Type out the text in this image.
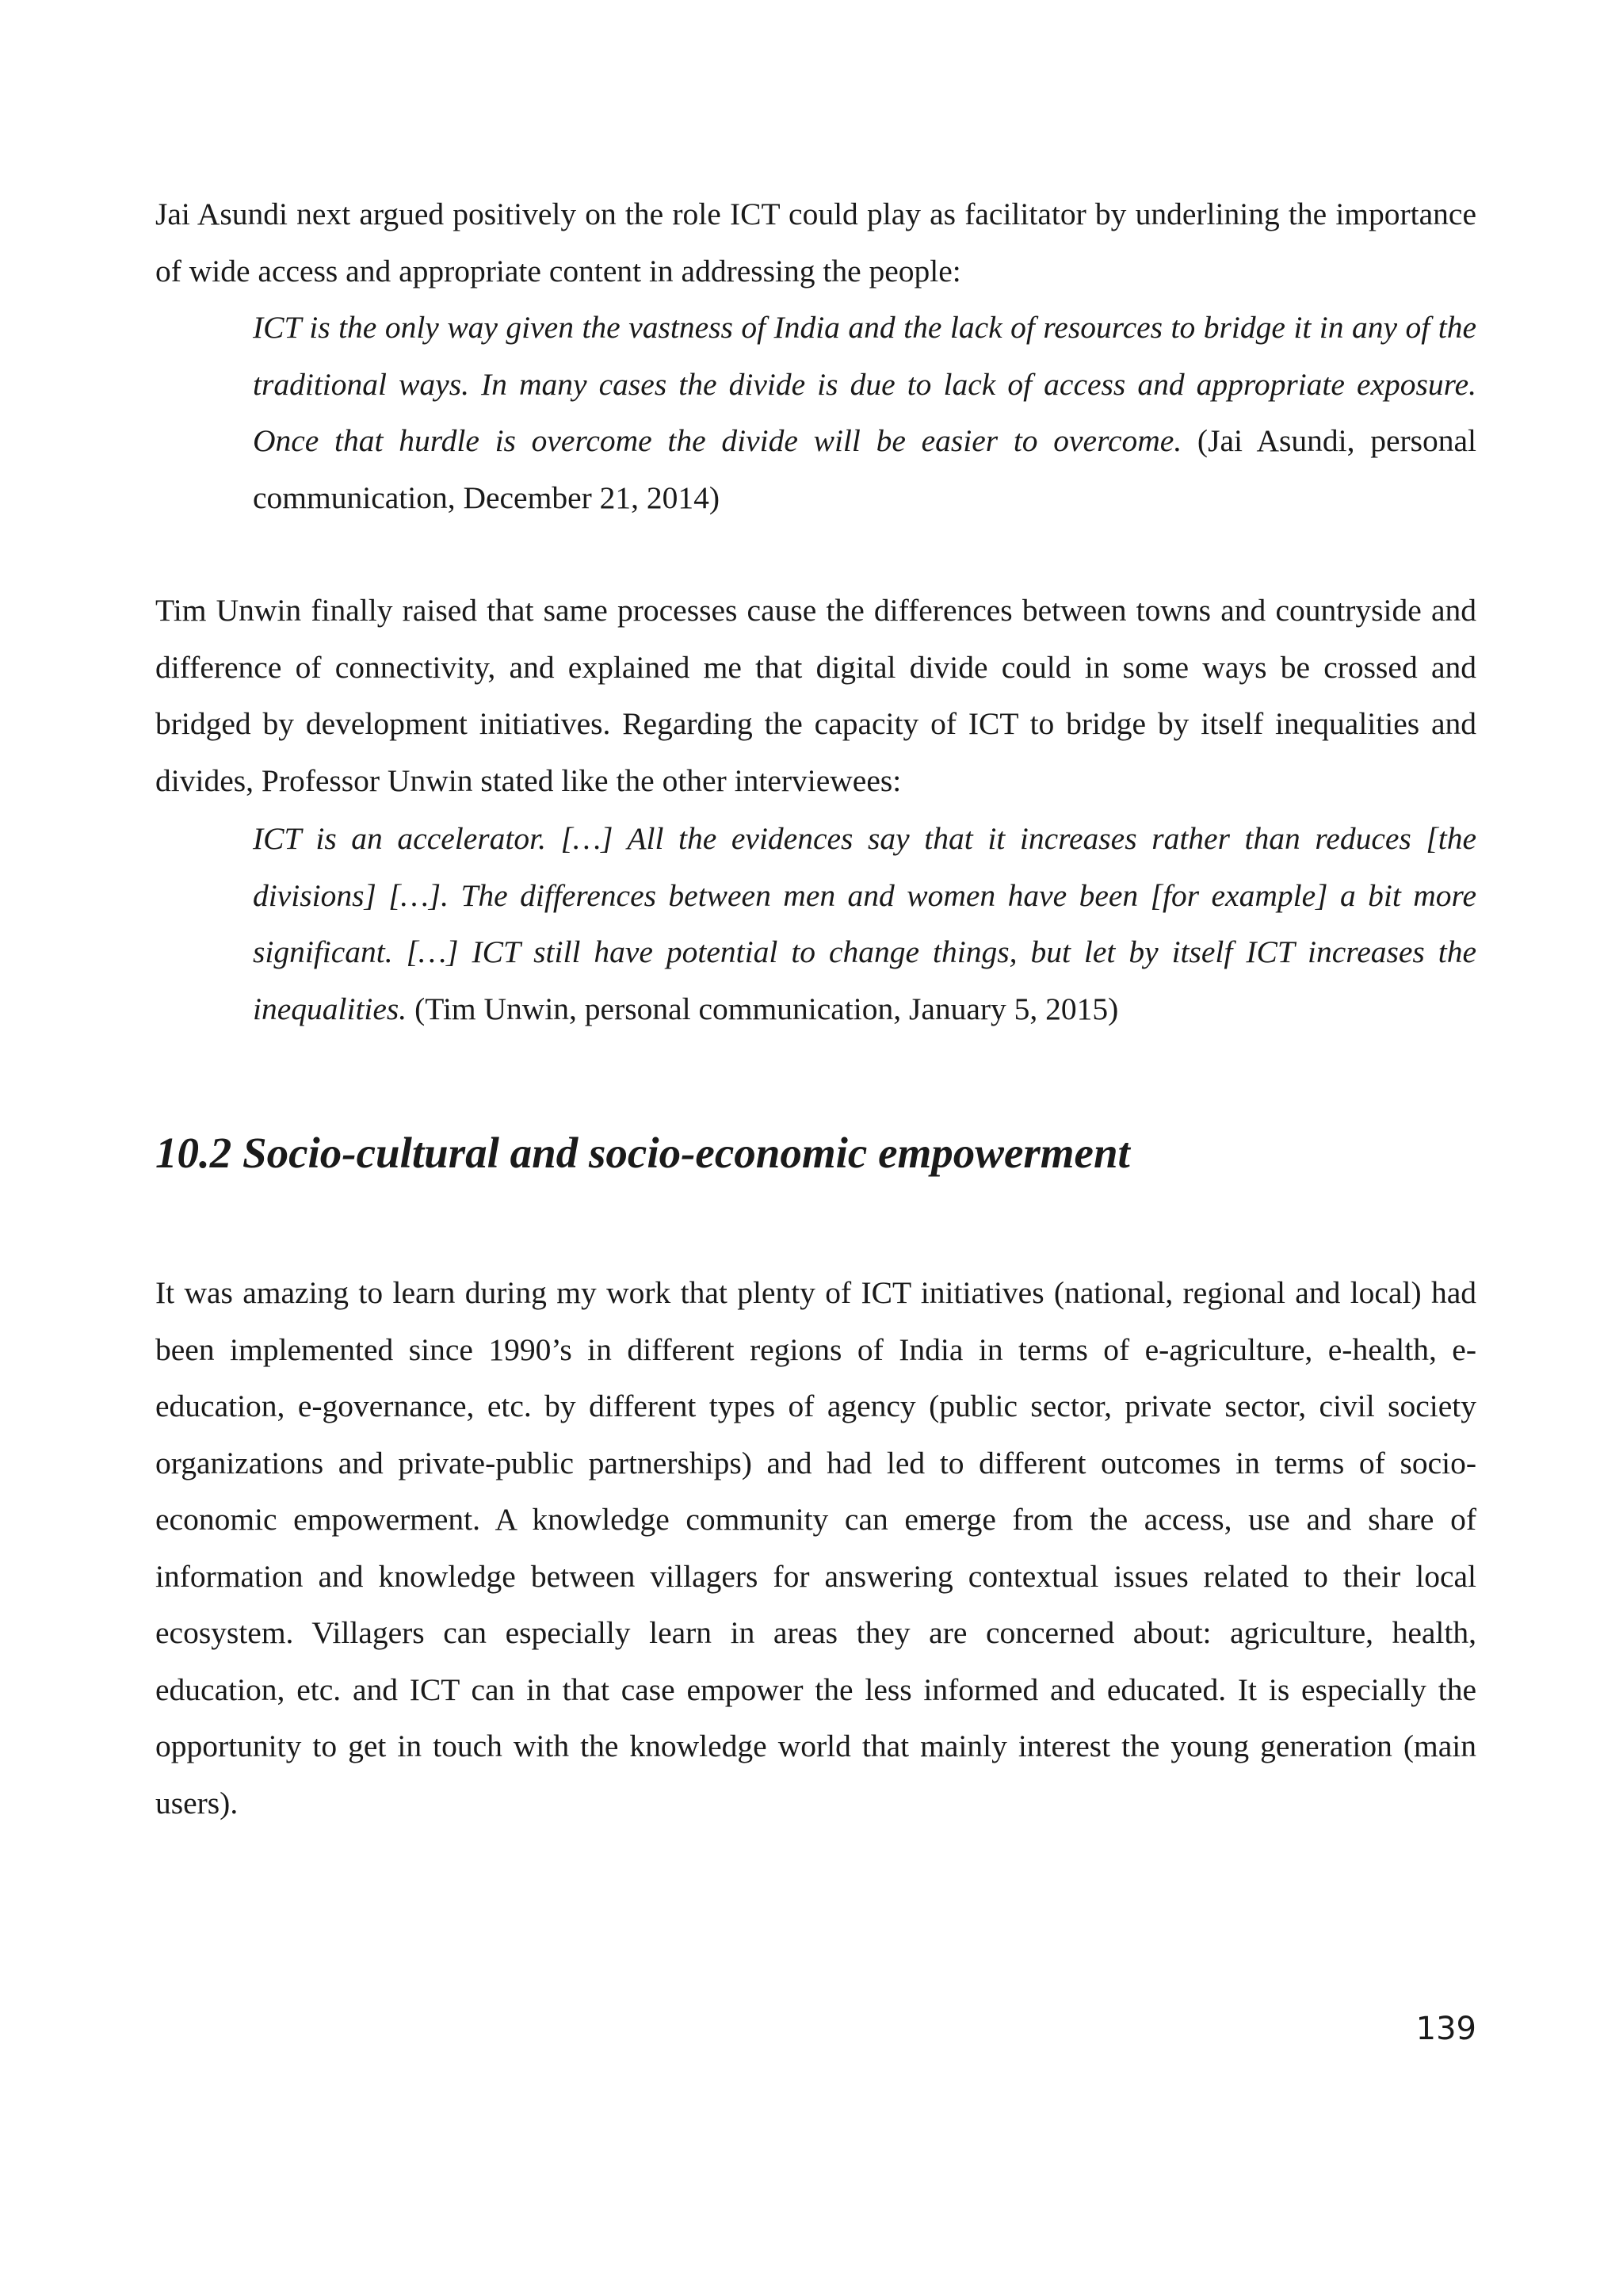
Jai Asundi next argued positively on the role ICT could play as facilitator by underlining the importance of wide access and appropriate content in addressing the people:

ICT is the only way given the vastness of India and the lack of resources to bridge it in any of the traditional ways. In many cases the divide is due to lack of access and appropriate exposure. Once that hurdle is overcome the divide will be easier to overcome. (Jai Asundi, personal communication, December 21, 2014)

Tim Unwin finally raised that same processes cause the differences between towns and countryside and difference of connectivity, and explained me that digital divide could in some ways be crossed and bridged by development initiatives. Regarding the capacity of ICT to bridge by itself inequalities and divides, Professor Unwin stated like the other interviewees:

ICT is an accelerator. […] All the evidences say that it increases rather than reduces [the divisions] […]. The differences between men and women have been [for example] a bit more significant. […] ICT still have potential to change things, but let by itself ICT increases the inequalities. (Tim Unwin, personal communication, January 5, 2015)

10.2 Socio-cultural and socio-economic empowerment

It was amazing to learn during my work that plenty of ICT initiatives (national, regional and local) had been implemented since 1990’s in different regions of India in terms of e-agriculture, e-health, e-education, e-governance, etc. by different types of agency (public sector, private sector, civil society organizations and private-public partnerships) and had led to different outcomes in terms of socio-economic empowerment. A knowledge community can emerge from the access, use and share of information and knowledge between villagers for answering contextual issues related to their local ecosystem. Villagers can especially learn in areas they are concerned about: agriculture, health, education, etc. and ICT can in that case empower the less informed and educated. It is especially the opportunity to get in touch with the knowledge world that mainly interest the young generation (main users).

139
